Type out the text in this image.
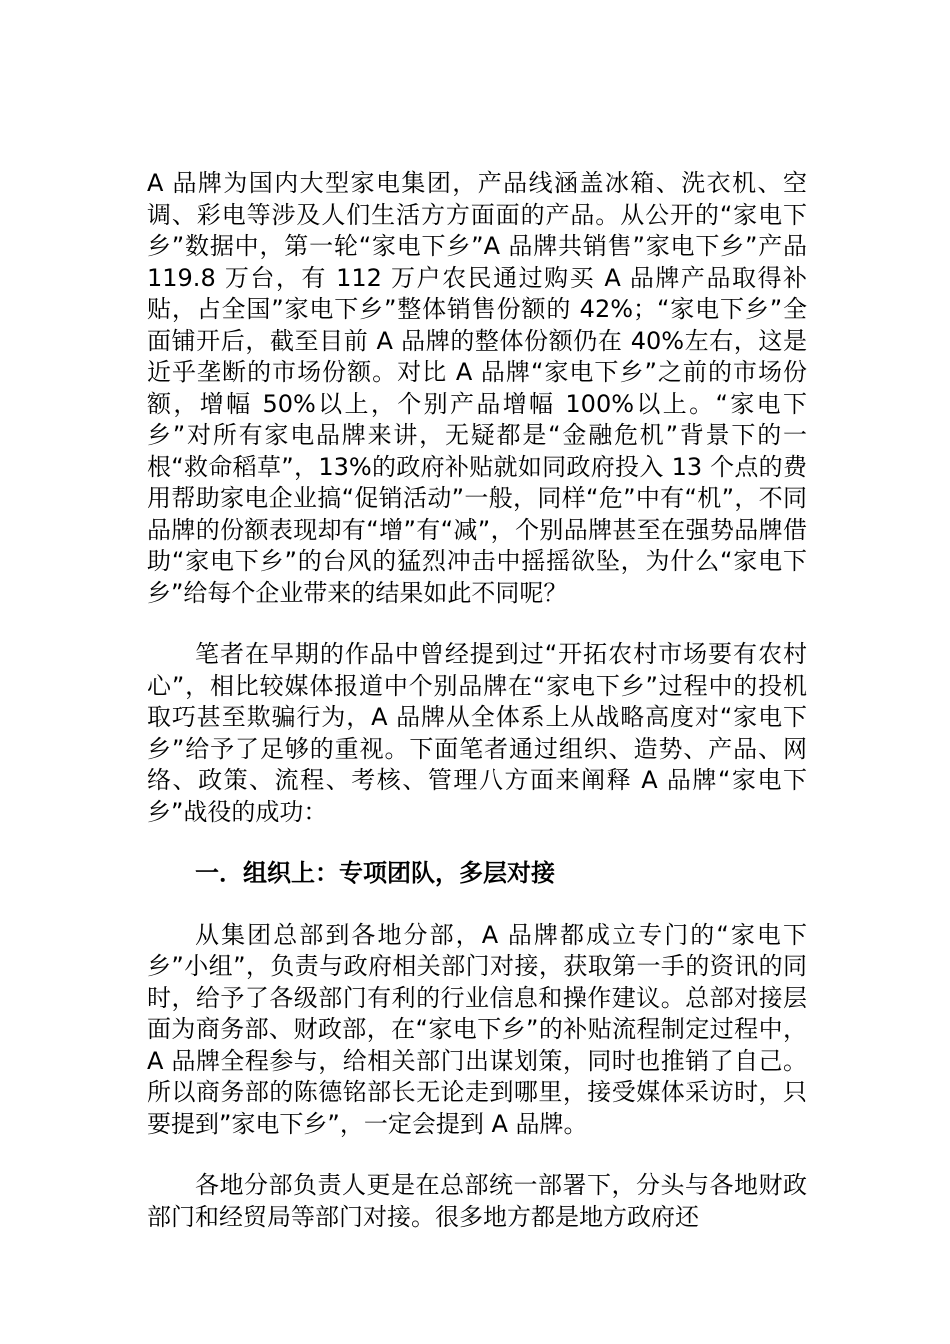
A 品牌为国内大型家电集团，产品线涵盖冰箱、洗衣机、空调、彩电等涉及人们生活方方面面的产品。从公开的“家电下乡”数据中，第一轮“家电下乡”A 品牌共销售”家电下乡”产品 119.8 万台，有 112 万户农民通过购买 A 品牌产品取得补贴，占全国”家电下乡”整体销售份额的 42%；“家电下乡”全面铺开后，截至目前 A 品牌的整体份额仍在 40%左右，这是近乎垄断的市场份额。对比 A 品牌“家电下乡”之前的市场份额，增幅 50%以上，个别产品增幅 100%以上。“家电下乡”对所有家电品牌来讲，无疑都是“金融危机”背景下的一根“救命稻草”，13%的政府补贴就如同政府投入 13 个点的费用帮助家电企业搞“促销活动”一般，同样“危”中有“机”，不同品牌的份额表现却有“增”有“减”，个别品牌甚至在强势品牌借助“家电下乡”的台风的猛烈冲击中摇摇欲坠，为什么“家电下乡”给每个企业带来的结果如此不同呢？

笔者在早期的作品中曾经提到过“开拓农村市场要有农村心”，相比较媒体报道中个别品牌在“家电下乡”过程中的投机取巧甚至欺骗行为，A 品牌从全体系上从战略高度对“家电下乡”给予了足够的重视。下面笔者通过组织、造势、产品、网络、政策、流程、考核、管理八方面来阐释 A 品牌“家电下乡”战役的成功：

一．组织上：专项团队，多层对接

从集团总部到各地分部，A 品牌都成立专门的“家电下乡”小组”，负责与政府相关部门对接，获取第一手的资讯的同时，给予了各级部门有利的行业信息和操作建议。总部对接层面为商务部、财政部，在“家电下乡”的补贴流程制定过程中，A 品牌全程参与，给相关部门出谋划策，同时也推销了自己。所以商务部的陈德铭部长无论走到哪里，接受媒体采访时，只要提到”家电下乡”，一定会提到 A 品牌。

各地分部负责人更是在总部统一部署下，分头与各地财政部门和经贸局等部门对接。很多地方都是地方政府还
